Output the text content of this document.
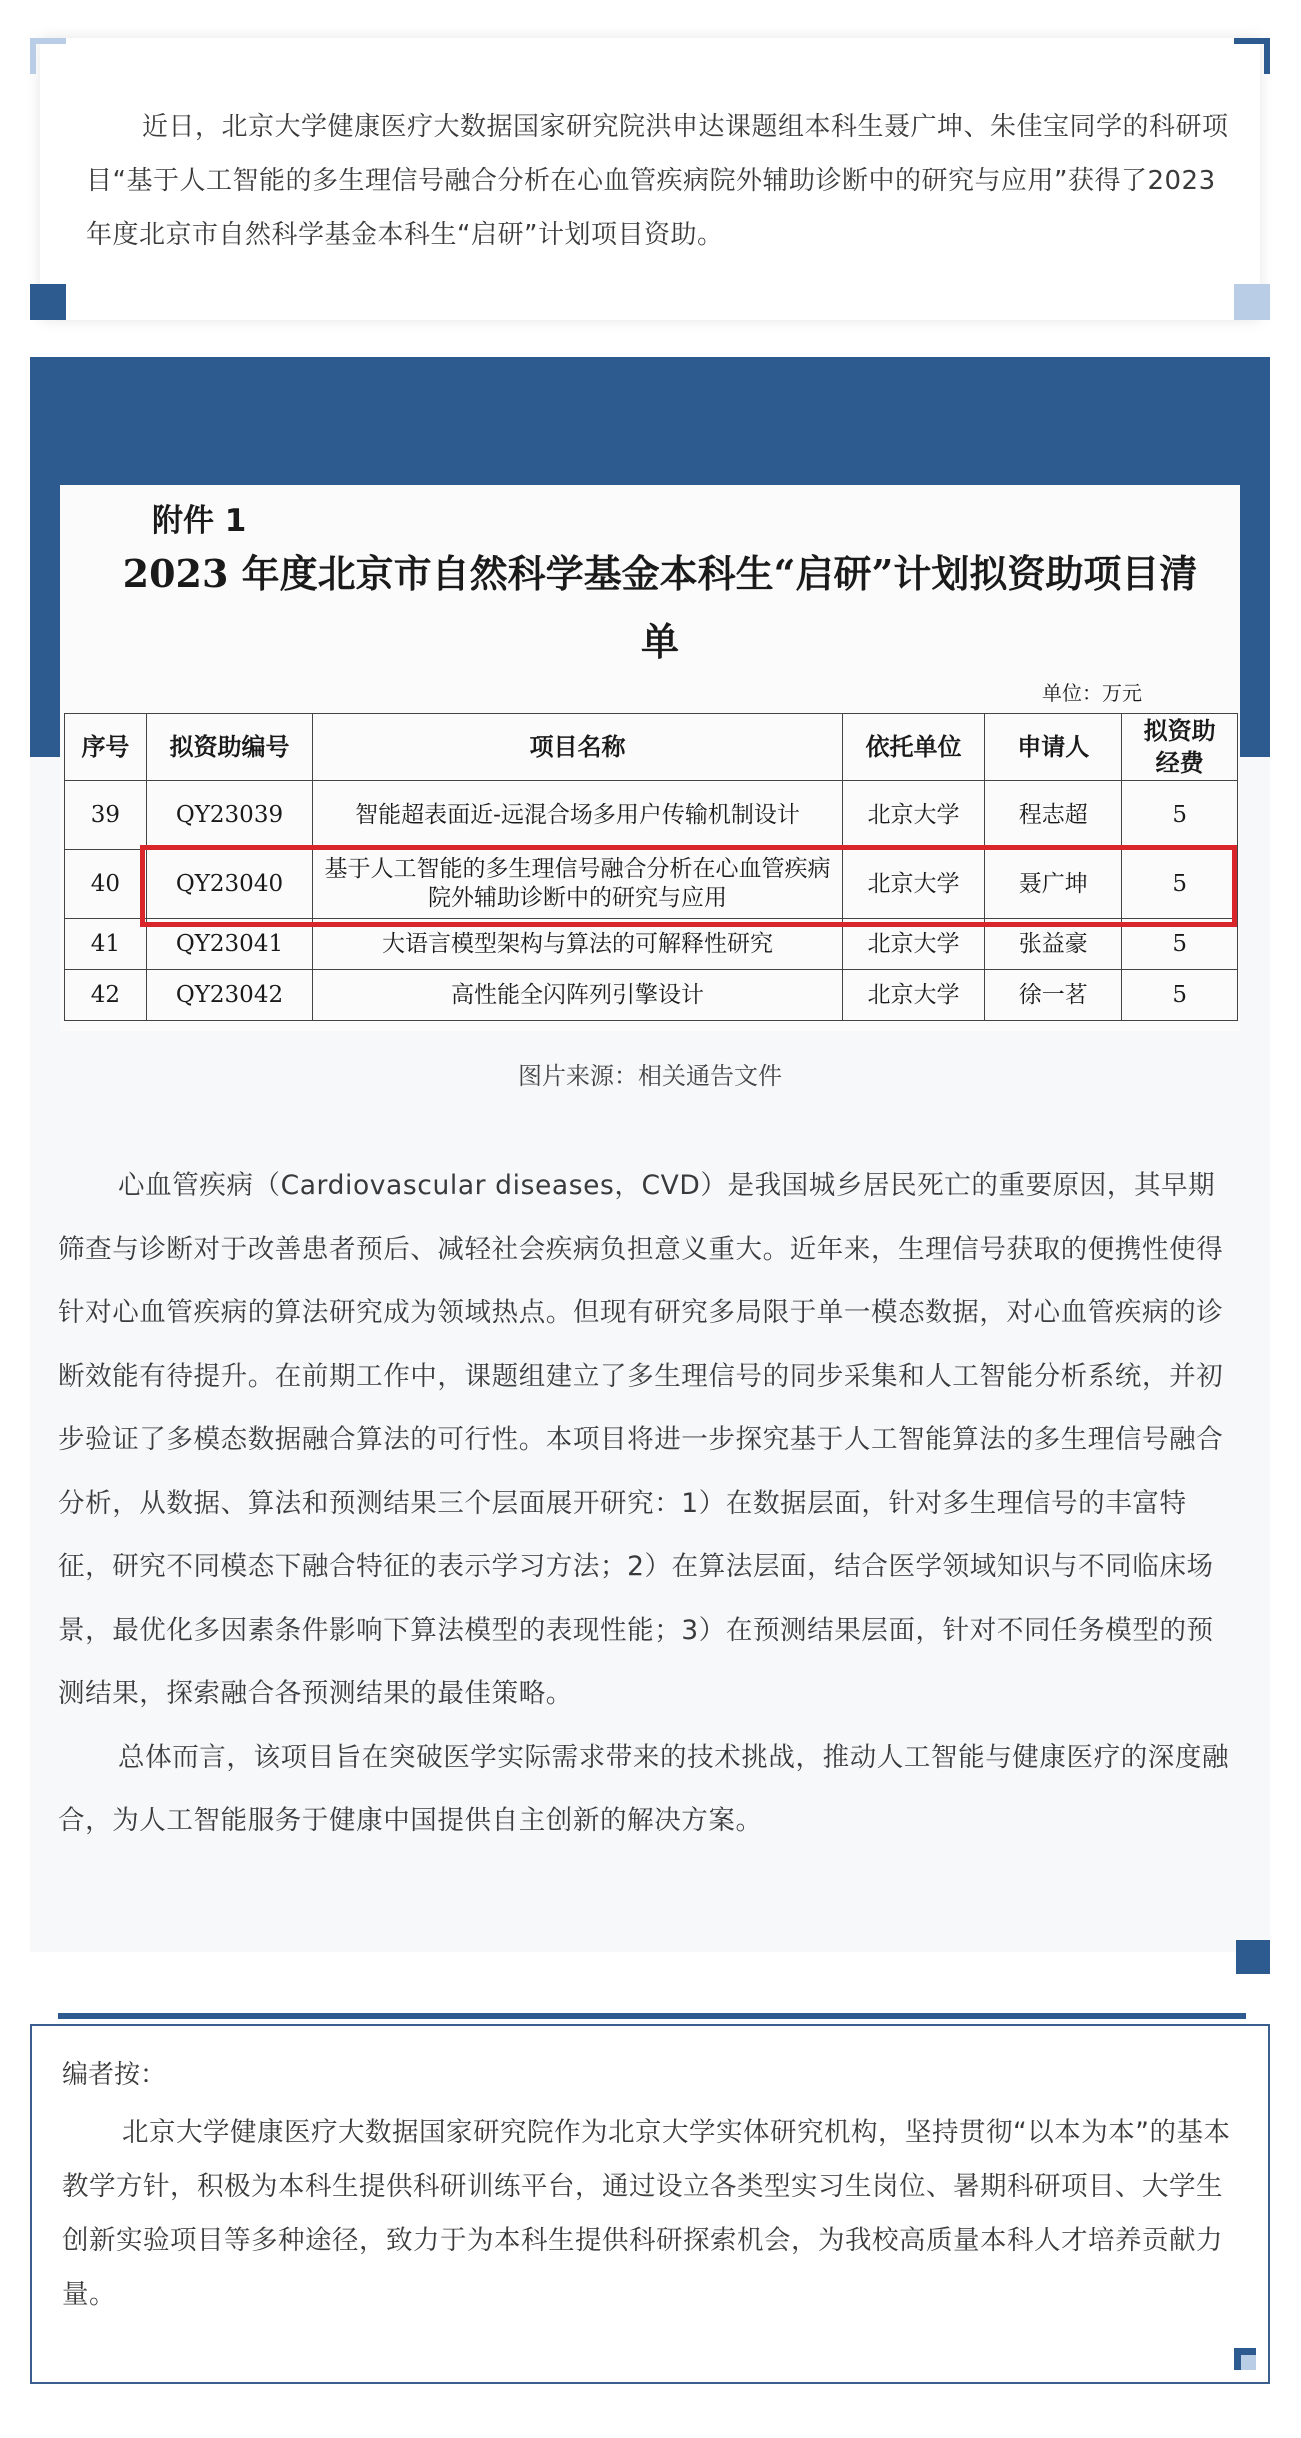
近日，北京大学健康医疗大数据国家研究院洪申达课题组本科生聂广坤、朱佳宝同学的科研项目“基于人工智能的多生理信号融合分析在心血管疾病院外辅助诊断中的研究与应用”获得了2023年度北京市自然科学基金本科生“启研”计划项目资助。
附件 1
2023 年度北京市自然科学基金本科生“启研”计划拟资助项目清单
单位：万元
序号	拟资助编号	项目名称	依托单位	申请人	拟资助经费
39	QY23039	智能超表面近-远混合场多用户传输机制设计	北京大学	程志超	5
40	QY23040	基于人工智能的多生理信号融合分析在心血管疾病院外辅助诊断中的研究与应用	北京大学	聂广坤	5
41	QY23041	大语言模型架构与算法的可解释性研究	北京大学	张益豪	5
42	QY23042	高性能全闪阵列引擎设计	北京大学	徐一茗	5
图片来源：相关通告文件

心血管疾病（Cardiovascular diseases，CVD）是我国城乡居民死亡的重要原因，其早期筛查与诊断对于改善患者预后、减轻社会疾病负担意义重大。近年来，生理信号获取的便携性使得针对心血管疾病的算法研究成为领域热点。但现有研究多局限于单一模态数据，对心血管疾病的诊断效能有待提升。在前期工作中，课题组建立了多生理信号的同步采集和人工智能分析系统，并初步验证了多模态数据融合算法的可行性。本项目将进一步探究基于人工智能算法的多生理信号融合分析，从数据、算法和预测结果三个层面展开研究：1）在数据层面，针对多生理信号的丰富特征，研究不同模态下融合特征的表示学习方法；2）在算法层面，结合医学领域知识与不同临床场景，最优化多因素条件影响下算法模型的表现性能；3）在预测结果层面，针对不同任务模型的预测结果，探索融合各预测结果的最佳策略。

总体而言，该项目旨在突破医学实际需求带来的技术挑战，推动人工智能与健康医疗的深度融合，为人工智能服务于健康中国提供自主创新的解决方案。

编者按：
北京大学健康医疗大数据国家研究院作为北京大学实体研究机构，坚持贯彻“以本为本”的基本教学方针，积极为本科生提供科研训练平台，通过设立各类型实习生岗位、暑期科研项目、大学生创新实验项目等多种途径，致力于为本科生提供科研探索机会，为我校高质量本科人才培养贡献力量。
